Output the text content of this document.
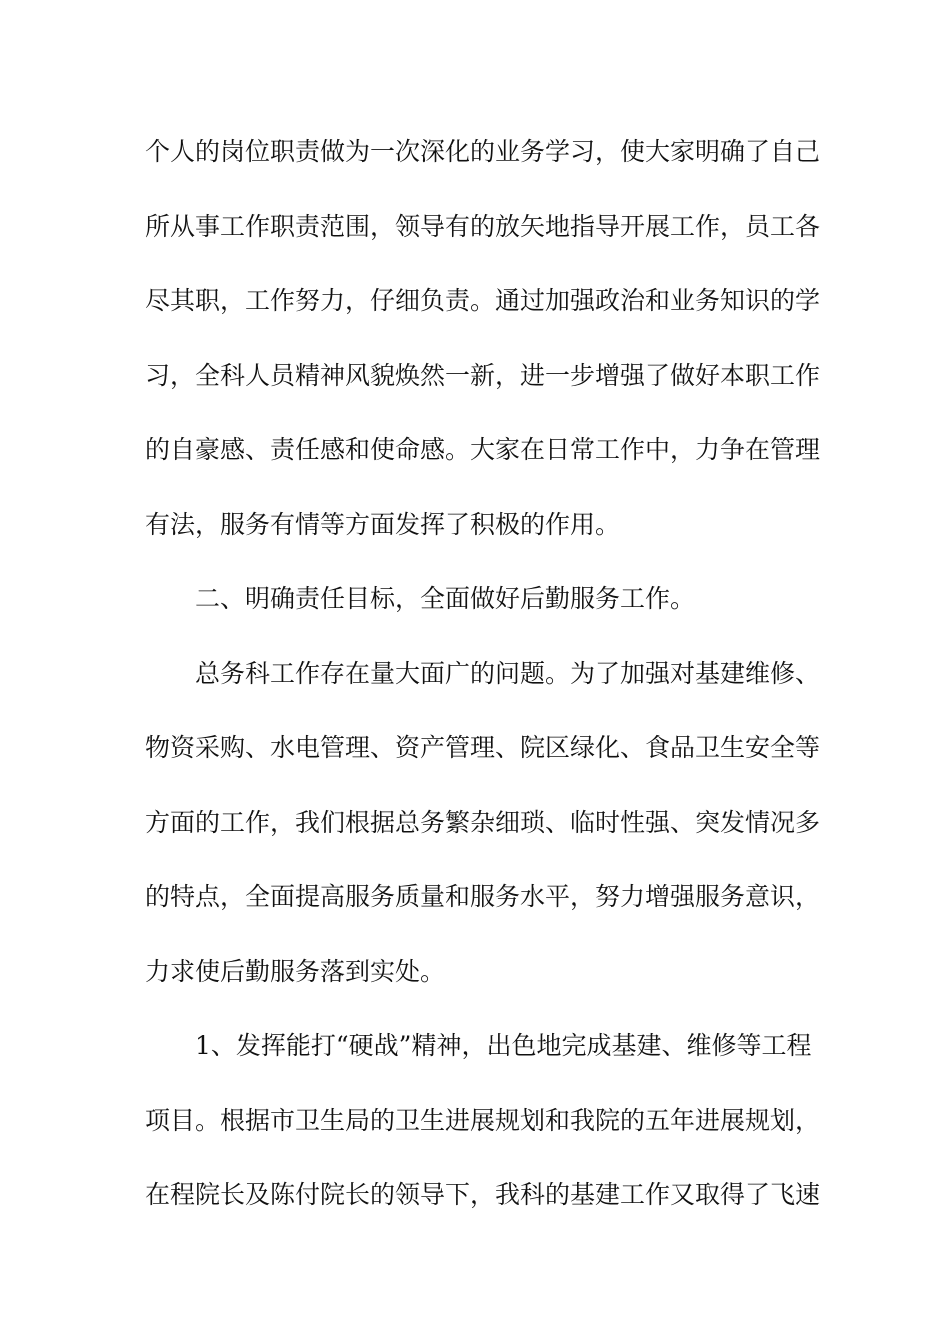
个人的岗位职责做为一次深化的业务学习，使大家明确了自己
所从事工作职责范围，领导有的放矢地指导开展工作，员工各
尽其职，工作努力，仔细负责。通过加强政治和业务知识的学
习，全科人员精神风貌焕然一新，进一步增强了做好本职工作
的自豪感、责任感和使命感。大家在日常工作中，力争在管理
有法，服务有情等方面发挥了积极的作用。
二、明确责任目标，全面做好后勤服务工作。
总务科工作存在量大面广的问题。为了加强对基建维修、
物资采购、水电管理、资产管理、院区绿化、食品卫生安全等
方面的工作，我们根据总务繁杂细琐、临时性强、突发情况多
的特点，全面提高服务质量和服务水平，努力增强服务意识，
力求使后勤服务落到实处。
1、发挥能打“硬战”精神，出色地完成基建、维修等工程
项目。根据市卫生局的卫生进展规划和我院的五年进展规划，
在程院长及陈付院长的领导下，我科的基建工作又取得了飞速
